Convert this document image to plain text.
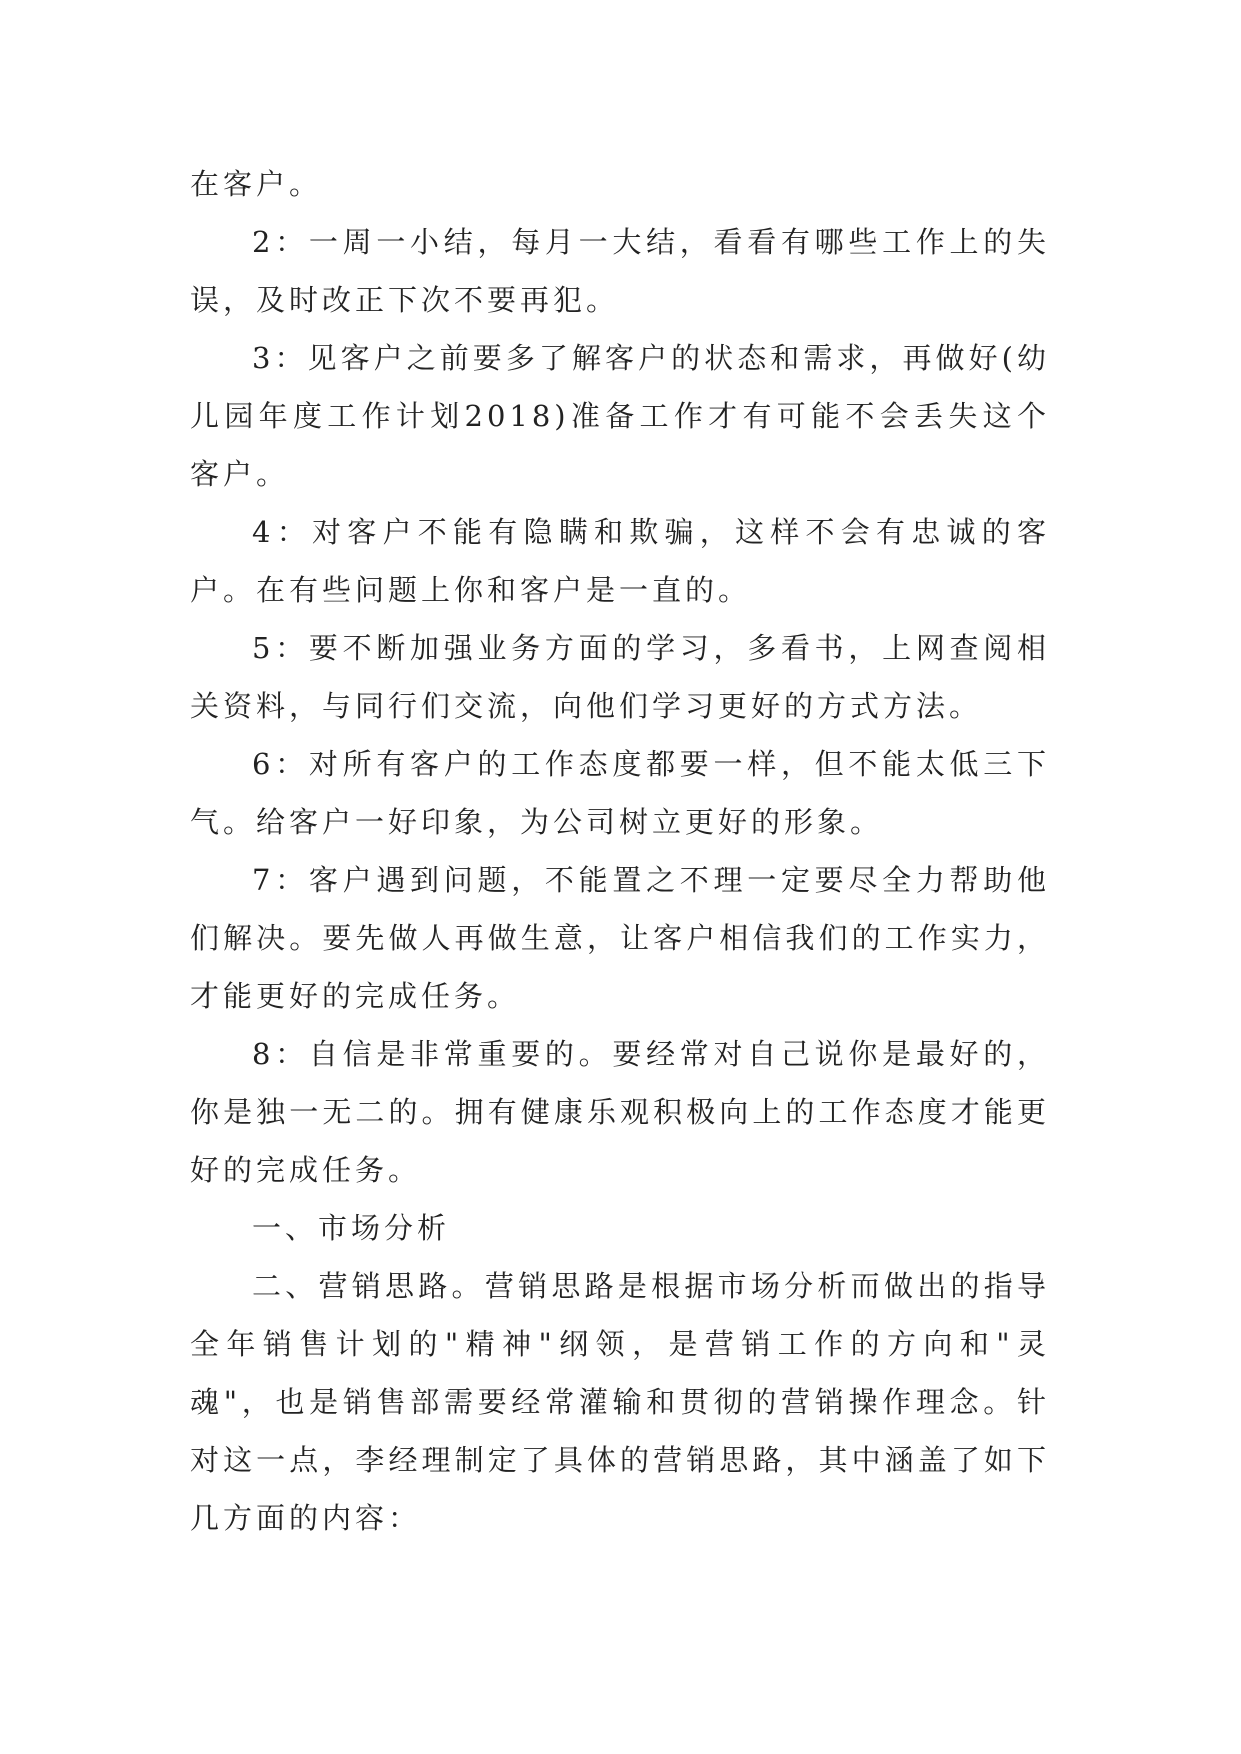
在客户。

2：一周一小结，每月一大结，看看有哪些工作上的失误，及时改正下次不要再犯。

3：见客户之前要多了解客户的状态和需求，再做好(幼儿园年度工作计划2018)准备工作才有可能不会丢失这个客户。

4：对客户不能有隐瞒和欺骗，这样不会有忠诚的客户。在有些问题上你和客户是一直的。

5：要不断加强业务方面的学习，多看书，上网查阅相关资料，与同行们交流，向他们学习更好的方式方法。

6：对所有客户的工作态度都要一样，但不能太低三下气。给客户一好印象，为公司树立更好的形象。

7：客户遇到问题，不能置之不理一定要尽全力帮助他们解决。要先做人再做生意，让客户相信我们的工作实力，才能更好的完成任务。

8：自信是非常重要的。要经常对自己说你是最好的，你是独一无二的。拥有健康乐观积极向上的工作态度才能更好的完成任务。

一、市场分析

二、营销思路。营销思路是根据市场分析而做出的指导全年销售计划的"精神"纲领，是营销工作的方向和"灵魂"，也是销售部需要经常灌输和贯彻的营销操作理念。针对这一点，李经理制定了具体的营销思路，其中涵盖了如下几方面的内容：
